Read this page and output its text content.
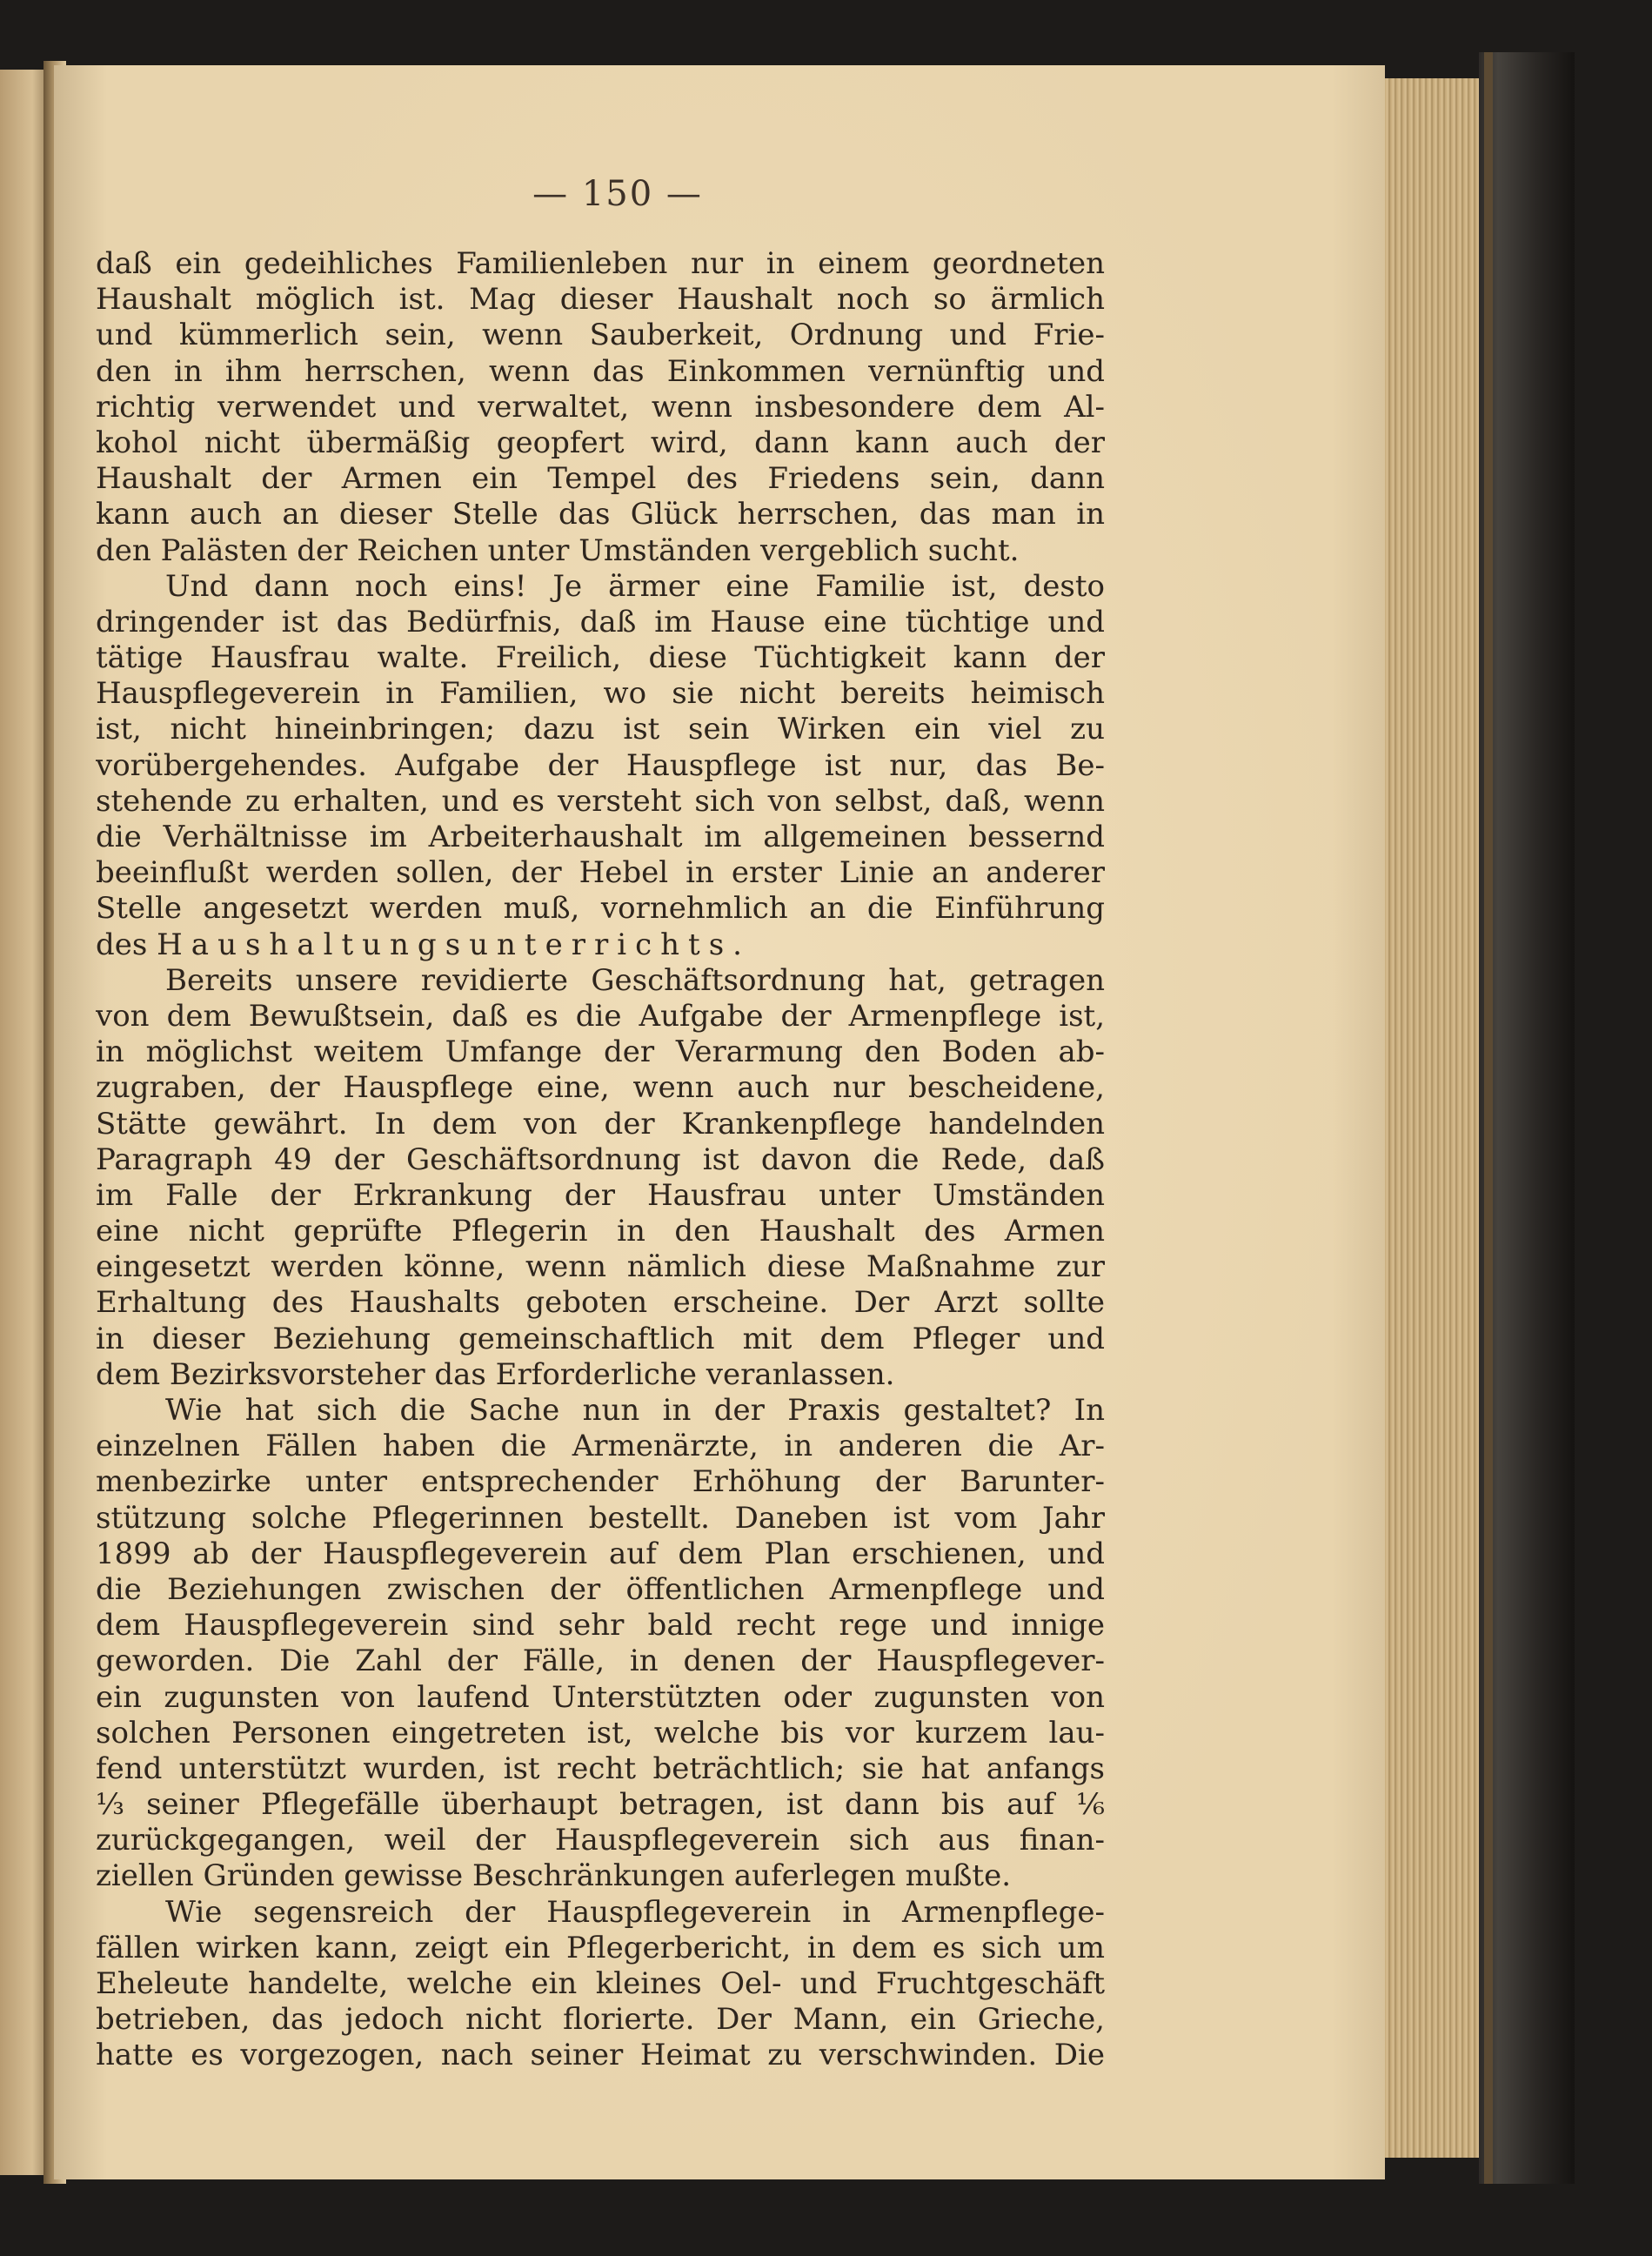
— 150 —
daß ein gedeihliches Familienleben nur in einem geordneten
Haushalt möglich ist. Mag dieser Haushalt noch so ärmlich
und kümmerlich sein, wenn Sauberkeit, Ordnung und Frie-
den in ihm herrschen, wenn das Einkommen vernünftig und
richtig verwendet und verwaltet, wenn insbesondere dem Al-
kohol nicht übermäßig geopfert wird, dann kann auch der
Haushalt der Armen ein Tempel des Friedens sein, dann
kann auch an dieser Stelle das Glück herrschen, das man in
den Palästen der Reichen unter Umständen vergeblich sucht.
Und dann noch eins! Je ärmer eine Familie ist, desto
dringender ist das Bedürfnis, daß im Hause eine tüchtige und
tätige Hausfrau walte. Freilich, diese Tüchtigkeit kann der
Hauspflegeverein in Familien, wo sie nicht bereits heimisch
ist, nicht hineinbringen; dazu ist sein Wirken ein viel zu
vorübergehendes. Aufgabe der Hauspflege ist nur, das Be-
stehende zu erhalten, und es versteht sich von selbst, daß, wenn
die Verhältnisse im Arbeiterhaushalt im allgemeinen bessernd
beeinflußt werden sollen, der Hebel in erster Linie an anderer
Stelle angesetzt werden muß, vornehmlich an die Einführung
des Haushaltungsunterrichts.
Bereits unsere revidierte Geschäftsordnung hat, getragen
von dem Bewußtsein, daß es die Aufgabe der Armenpflege ist,
in möglichst weitem Umfange der Verarmung den Boden ab-
zugraben, der Hauspflege eine, wenn auch nur bescheidene,
Stätte gewährt. In dem von der Krankenpflege handelnden
Paragraph 49 der Geschäftsordnung ist davon die Rede, daß
im Falle der Erkrankung der Hausfrau unter Umständen
eine nicht geprüfte Pflegerin in den Haushalt des Armen
eingesetzt werden könne, wenn nämlich diese Maßnahme zur
Erhaltung des Haushalts geboten erscheine. Der Arzt sollte
in dieser Beziehung gemeinschaftlich mit dem Pfleger und
dem Bezirksvorsteher das Erforderliche veranlassen.
Wie hat sich die Sache nun in der Praxis gestaltet? In
einzelnen Fällen haben die Armenärzte, in anderen die Ar-
menbezirke unter entsprechender Erhöhung der Barunter-
stützung solche Pflegerinnen bestellt. Daneben ist vom Jahr
1899 ab der Hauspflegeverein auf dem Plan erschienen, und
die Beziehungen zwischen der öffentlichen Armenpflege und
dem Hauspflegeverein sind sehr bald recht rege und innige
geworden. Die Zahl der Fälle, in denen der Hauspflegever-
ein zugunsten von laufend Unterstützten oder zugunsten von
solchen Personen eingetreten ist, welche bis vor kurzem lau-
fend unterstützt wurden, ist recht beträchtlich; sie hat anfangs
⅓ seiner Pflegefälle überhaupt betragen, ist dann bis auf ⅙
zurückgegangen, weil der Hauspflegeverein sich aus finan-
ziellen Gründen gewisse Beschränkungen auferlegen mußte.
Wie segensreich der Hauspflegeverein in Armenpflege-
fällen wirken kann, zeigt ein Pflegerbericht, in dem es sich um
Eheleute handelte, welche ein kleines Oel- und Fruchtgeschäft
betrieben, das jedoch nicht florierte. Der Mann, ein Grieche,
hatte es vorgezogen, nach seiner Heimat zu verschwinden. Die
